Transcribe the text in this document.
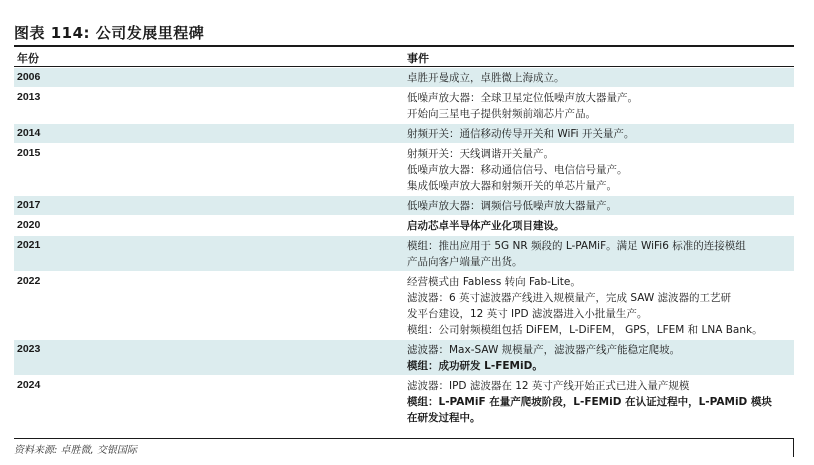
图表 114: 公司发展里程碑
年份	事件
2006	卓胜开曼成立，卓胜微上海成立。
2013	低噪声放大器：全球卫星定位低噪声放大器量产。
开始向三星电子提供射频前端芯片产品。
2014	射频开关：通信移动传导开关和 WiFi 开关量产。
2015	射频开关：天线调谐开关量产。
低噪声放大器：移动通信信号、电信信号量产。
集成低噪声放大器和射频开关的单芯片量产。
2017	低噪声放大器：调频信号低噪声放大器量产。
2020	启动芯卓半导体产业化项目建设。
2021	模组：推出应用于 5G NR 频段的 L-PAMiF。满足 WiFi6 标准的连接模组
产品向客户端量产出货。
2022	经营模式由 Fabless 转向 Fab-Lite。
滤波器：6 英寸滤波器产线进入规模量产，完成 SAW 滤波器的工艺研
发平台建设，12 英寸 IPD 滤波器进入小批量生产。
模组：公司射频模组包括 DiFEM，L-DiFEM， GPS，LFEM 和 LNA Bank。
2023	滤波器：Max-SAW 规模量产，滤波器产线产能稳定爬坡。
模组：成功研发 L-FEMiD。
2024	滤波器：IPD 滤波器在 12 英寸产线开始正式已进入量产规模
模组：L-PAMiF 在量产爬坡阶段，L-FEMiD 在认证过程中，L-PAMiD 模块
在研发过程中。
资料来源: 卓胜微, 交银国际
